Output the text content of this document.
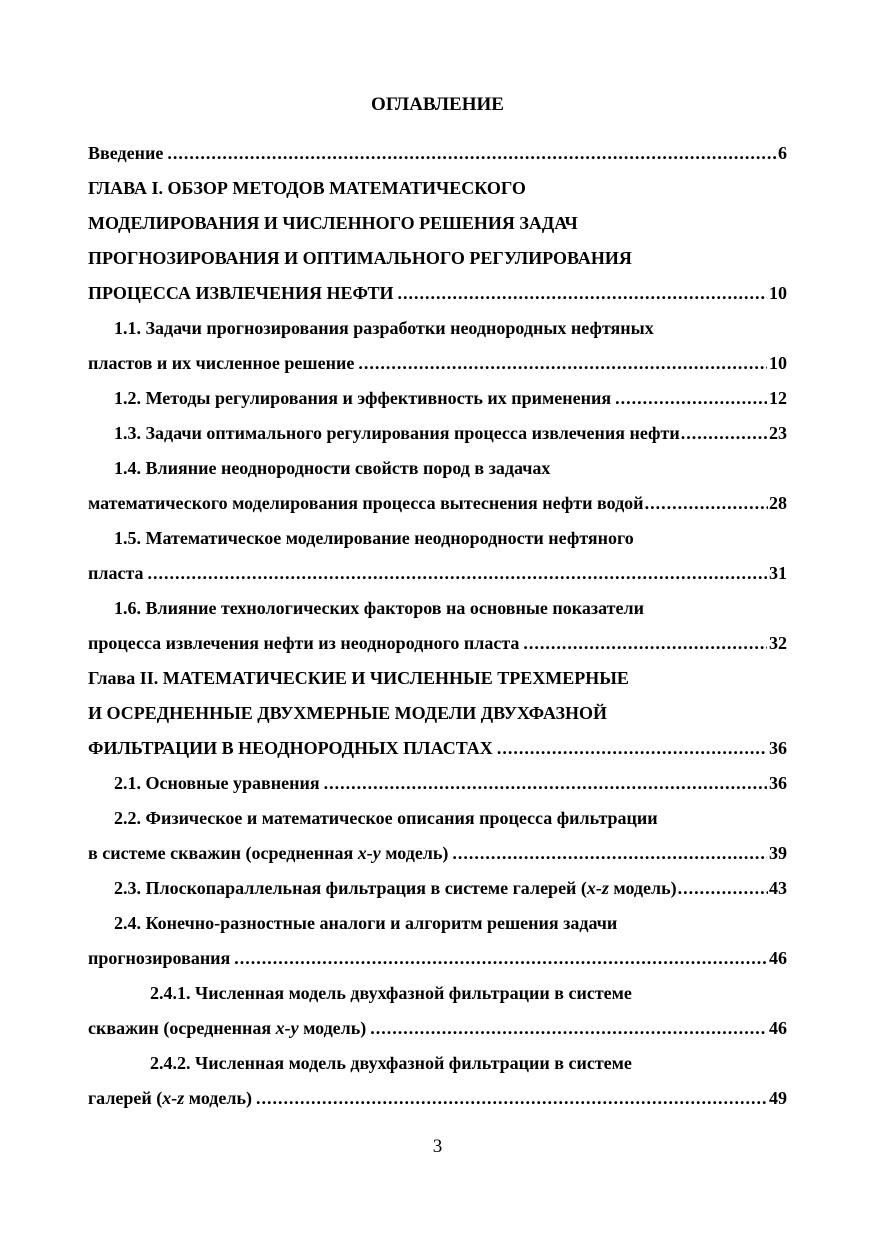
ОГЛАВЛЕНИЕ
Введение .....	6
ГЛАВА I. ОБЗОР МЕТОДОВ МАТЕМАТИЧЕСКОГО
МОДЕЛИРОВАНИЯ И ЧИСЛЕННОГО РЕШЕНИЯ ЗАДАЧ
ПРОГНОЗИРОВАНИЯ И ОПТИМАЛЬНОГО РЕГУЛИРОВАНИЯ
ПРОЦЕССА ИЗВЛЕЧЕНИЯ НЕФТИ .....	10
1.1. Задачи прогнозирования разработки неоднородных нефтяных
пластов и их численное решение .....	10
1.2. Методы регулирования и эффективность их применения .....	12
1.3. Задачи оптимального регулирования процесса извлечения нефти .....	23
1.4. Влияние неоднородности свойств пород в задачах
математического моделирования процесса вытеснения нефти водой .....	28
1.5. Математическое моделирование неоднородности нефтяного
пласта .....	31
1.6. Влияние технологических факторов на основные показатели
процесса извлечения нефти из неоднородного пласта .....	32
Глава II. МАТЕМАТИЧЕСКИЕ И ЧИСЛЕННЫЕ ТРЕХМЕРНЫЕ
И ОСРЕДНЕННЫЕ ДВУХМЕРНЫЕ МОДЕЛИ ДВУХФАЗНОЙ
ФИЛЬТРАЦИИ В НЕОДНОРОДНЫХ ПЛАСТАХ .....	36
2.1. Основные уравнения .....	36
2.2. Физическое и математическое описания процесса фильтрации
в системе скважин (осредненная x-y модель) .....	39
2.3. Плоскопараллельная фильтрация в системе галерей (x-z модель) .....	43
2.4. Конечно-разностные аналоги и алгоритм решения задачи
прогнозирования .....	46
2.4.1. Численная модель двухфазной фильтрации в системе
скважин (осредненная x-y модель) .....	46
2.4.2. Численная модель двухфазной фильтрации в системе
галерей (x-z модель) .....	49
3
